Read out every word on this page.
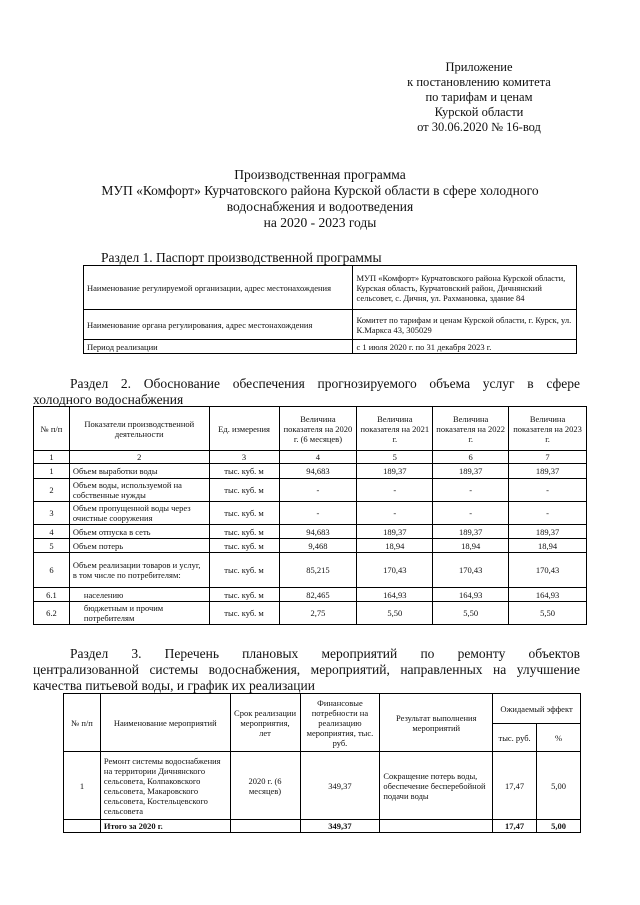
Приложение
к постановлению комитета
по тарифам и ценам
Курской области
от 30.06.2020 № 16-вод
Производственная программа
МУП «Комфорт» Курчатовского района Курской области в сфере холодного
водоснабжения и водоотведения
на 2020 - 2023 годы
Раздел 1. Паспорт производственной программы
Наименование регулируемой организации, адрес местонахождения	МУП «Комфорт» Курчатовского района Курской области, Курская область, Курчатовский район, Дичнянский сельсовет, с. Дичня, ул. Рахмановка, здание 84
Наименование органа регулирования, адрес местонахождения	Комитет по тарифам и ценам Курской области, г. Курск, ул. К.Маркса 43, 305029
Период реализации	с 1 июля 2020 г. по 31 декабря 2023 г.
Раздел 2. Обоснование обеспечения прогнозируемого объема услуг в сфере
холодного водоснабжения
№ п/п	Показатели производственной деятельности	Ед. измерения	Величина показателя на 2020 г. (6 месяцев)	Величина показателя на 2021 г.	Величина показателя на 2022 г.	Величина показателя на 2023 г.
1	2	3	4	5	6	7
1	Объем выработки воды	тыс. куб. м	94,683	189,37	189,37	189,37
2	Объем воды, используемой на собственные нужды	тыс. куб. м	-	-	-	-
3	Объем пропущенной воды через очистные сооружения	тыс. куб. м	-	-	-	-
4	Объем отпуска в сеть	тыс. куб. м	94,683	189,37	189,37	189,37
5	Объем потерь	тыс. куб. м	9,468	18,94	18,94	18,94
6	Объем реализации товаров и услуг, в том числе по потребителям:	тыс. куб. м	85,215	170,43	170,43	170,43
6.1	населению	тыс. куб. м	82,465	164,93	164,93	164,93
6.2	бюджетным и прочим потребителям	тыс. куб. м	2,75	5,50	5,50	5,50
Раздел 3. Перечень плановых мероприятий по ремонту объектов
централизованной системы водоснабжения, мероприятий, направленных на улучшение
качества питьевой воды, и график их реализации
№ п/п	Наименование мероприятий	Срок реализации мероприятия, лет	Финансовые потребности на реализацию мероприятия, тыс. руб.	Результат выполнения мероприятий	Ожидаемый эффект	
					тыс. руб.	%
1	Ремонт системы водоснабжения на территории Дичнянского сельсовета, Колпаковского сельсовета, Макаровского сельсовета, Костельцевского сельсовета	2020 г. (6 месяцев)	349,37	Сокращение потерь воды, обеспечение бесперебойной подачи воды	17,47	5,00
	Итого за 2020 г.		349,37		17,47	5,00
